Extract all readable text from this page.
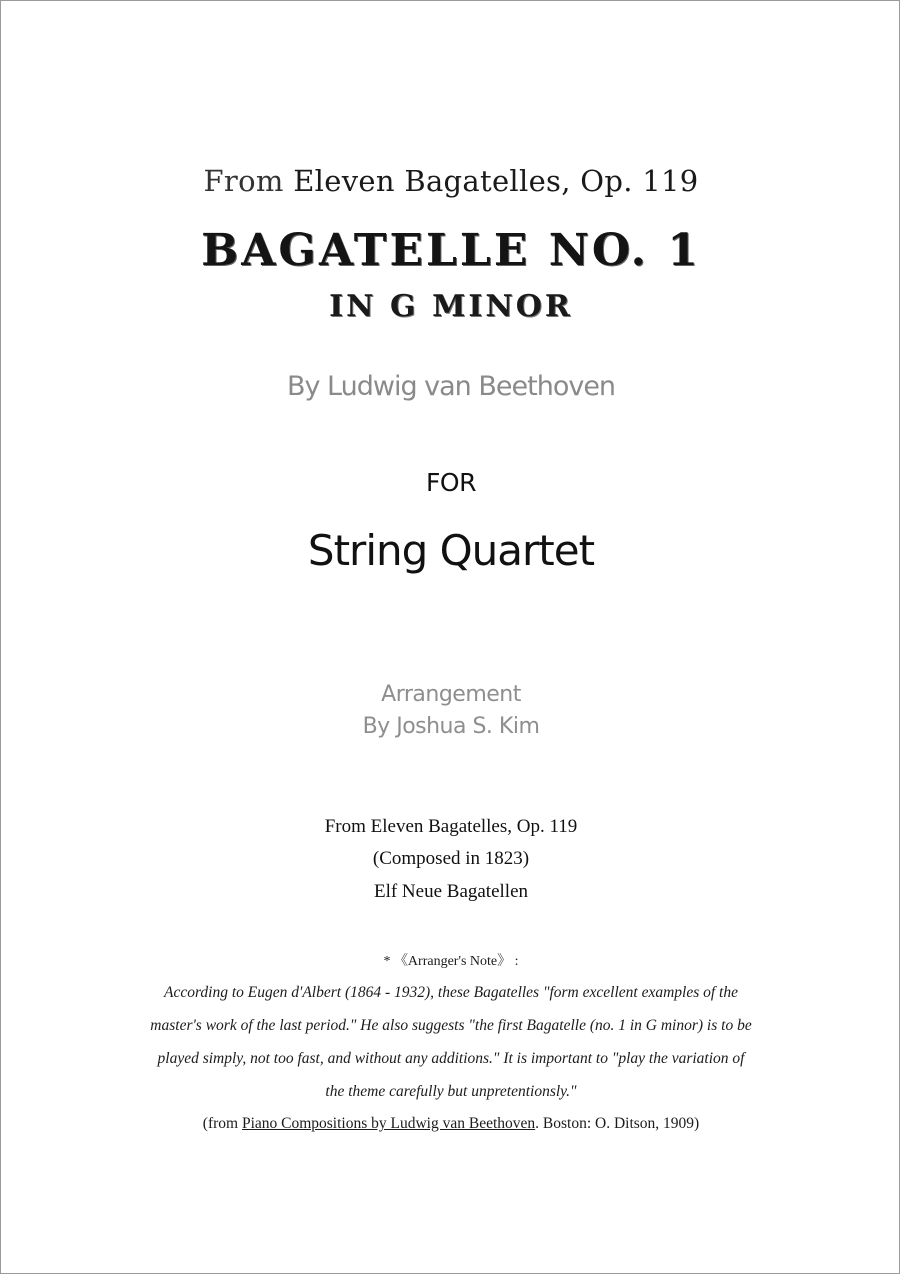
From Eleven Bagatelles, Op. 119
BAGATELLE NO. 1
IN G MINOR
By Ludwig van Beethoven
FOR
String Quartet
Arrangement
By Joshua S. Kim
From Eleven Bagatelles, Op. 119
(Composed in 1823)
Elf Neue Bagatellen
* 《Arranger's Note》 :
According to Eugen d'Albert (1864 - 1932), these Bagatelles "form excellent examples of the
master's work of the last period." He also suggests "the first Bagatelle (no. 1 in G minor) is to be
played simply, not too fast, and without any additions." It is important to "play the variation of
the theme carefully but unpretentionsly."
(from Piano Compositions by Ludwig van Beethoven. Boston: O. Ditson, 1909)
